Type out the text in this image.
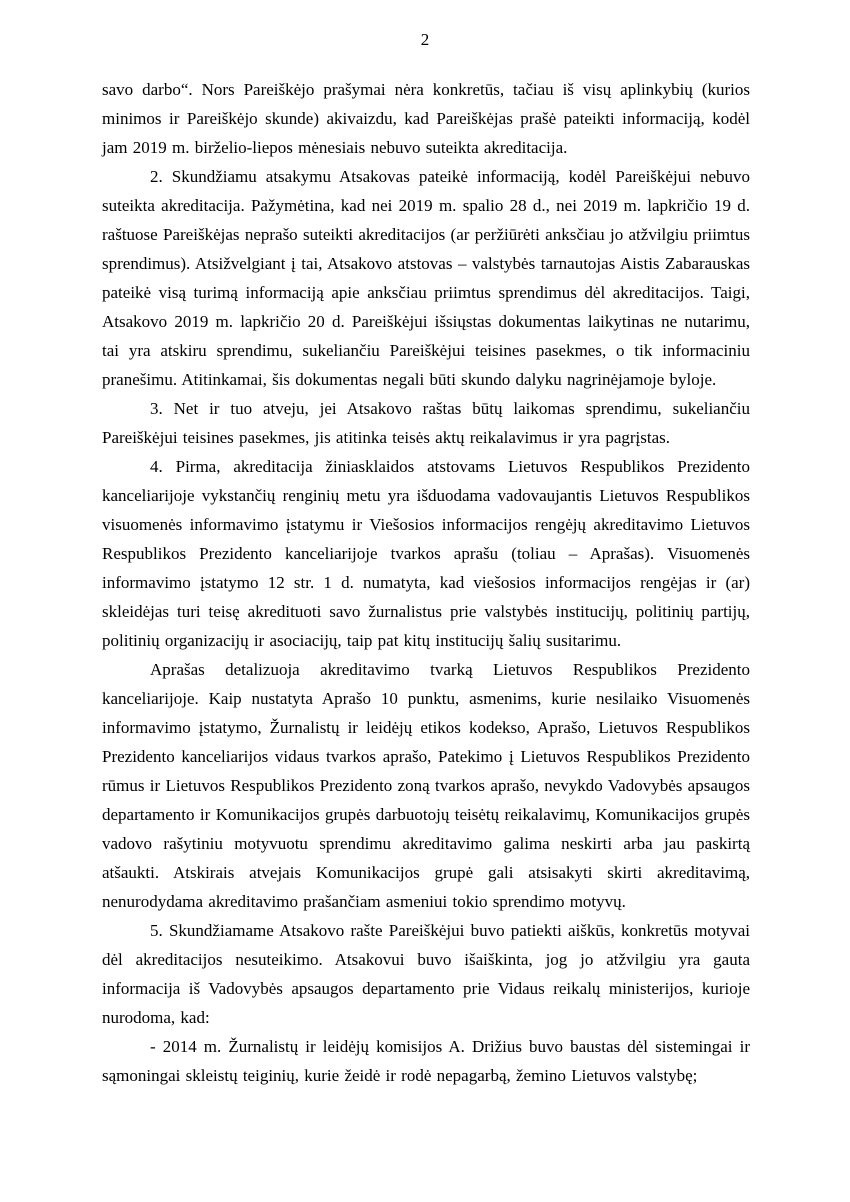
2

savo darbo“. Nors Pareiškėjo prašymai nėra konkretūs, tačiau iš visų aplinkybių (kurios minimos ir Pareiškėjo skunde) akivaizdu, kad Pareiškėjas prašė pateikti informaciją, kodėl jam 2019 m. birželio-liepos mėnesiais nebuvo suteikta akreditacija.

2. Skundžiamu atsakymu Atsakovas pateikė informaciją, kodėl Pareiškėjui nebuvo suteikta akreditacija. Pažymėtina, kad nei 2019 m. spalio 28 d., nei 2019 m. lapkričio 19 d. raštuose Pareiškėjas neprašo suteikti akreditacijos (ar peržiūrėti anksčiau jo atžvilgiu priimtus sprendimus). Atsižvelgiant į tai, Atsakovo atstovas – valstybės tarnautojas Aistis Zabarauskas pateikė visą turimą informaciją apie anksčiau priimtus sprendimus dėl akreditacijos. Taigi, Atsakovo 2019 m. lapkričio 20 d. Pareiškėjui išsiųstas dokumentas laikytinas ne nutarimu, tai yra atskiru sprendimu, sukeliančiu Pareiškėjui teisines pasekmes, o tik informaciniu pranešimu. Atitinkamai, šis dokumentas negali būti skundo dalyku nagrinėjamoje byloje.

3. Net ir tuo atveju, jei Atsakovo raštas būtų laikomas sprendimu, sukeliančiu Pareiškėjui teisines pasekmes, jis atitinka teisės aktų reikalavimus ir yra pagrįstas.

4. Pirma, akreditacija žiniasklaidos atstovams Lietuvos Respublikos Prezidento kanceliarijoje vykstančių renginių metu yra išduodama vadovaujantis Lietuvos Respublikos visuomenės informavimo įstatymu ir Viešosios informacijos rengėjų akreditavimo Lietuvos Respublikos Prezidento kanceliarijoje tvarkos aprašu (toliau – Aprašas). Visuomenės informavimo įstatymo 12 str. 1 d. numatyta, kad viešosios informacijos rengėjas ir (ar) skleidėjas turi teisę akredituoti savo žurnalistus prie valstybės institucijų, politinių partijų, politinių organizacijų ir asociacijų, taip pat kitų institucijų šalių susitarimu.

Aprašas detalizuoja akreditavimo tvarką Lietuvos Respublikos Prezidento kanceliarijoje. Kaip nustatyta Aprašo 10 punktu, asmenims, kurie nesilaiko Visuomenės informavimo įstatymo, Žurnalistų ir leidėjų etikos kodekso, Aprašo, Lietuvos Respublikos Prezidento kanceliarijos vidaus tvarkos aprašo, Patekimo į Lietuvos Respublikos Prezidento rūmus ir Lietuvos Respublikos Prezidento zoną tvarkos aprašo, nevykdo Vadovybės apsaugos departamento ir Komunikacijos grupės darbuotojų teisėtų reikalavimų, Komunikacijos grupės vadovo rašytiniu motyvuotu sprendimu akreditavimo galima neskirti arba jau paskirtą atšaukti. Atskirais atvejais Komunikacijos grupė gali atsisakyti skirti akreditavimą, nenurodydama akreditavimo prašančiam asmeniui tokio sprendimo motyvų.

5. Skundžiamame Atsakovo rašte Pareiškėjui buvo patiekti aiškūs, konkretūs motyvai dėl akreditacijos nesuteikimo. Atsakovui buvo išaiškinta, jog jo atžvilgiu yra gauta informacija iš Vadovybės apsaugos departamento prie Vidaus reikalų ministerijos, kurioje nurodoma, kad:

- 2014 m. Žurnalistų ir leidėjų komisijos A. Drižius buvo baustas dėl sistemingai ir sąmoningai skleistų teiginių, kurie žeidė ir rodė nepagarbą, žemino Lietuvos valstybę;
